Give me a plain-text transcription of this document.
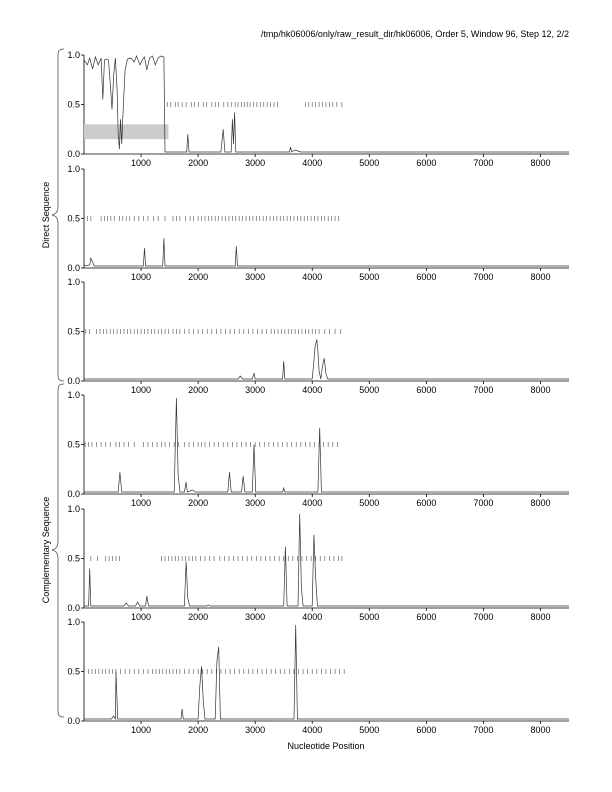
/tmp/hk06006/only/raw_result_dir/hk06006, Order 5, Window 96, Step 12, 2/2
0.0
0.5
1.0
1000	2000	3000	4000	5000	6000	7000	8000
0.0
0.5
1.0
1000	2000	3000	4000	5000	6000	7000	8000
0.0
0.5
1.0
1000	2000	3000	4000	5000	6000	7000	8000
0.0
0.5
1.0
1000	2000	3000	4000	5000	6000	7000	8000
0.0
0.5
1.0
1000	2000	3000	4000	5000	6000	7000	8000
0.0
0.5
1.0
1000	2000	3000	4000	5000	6000	7000	8000
Direct Sequence
Complementary Sequence
Nucleotide Position
